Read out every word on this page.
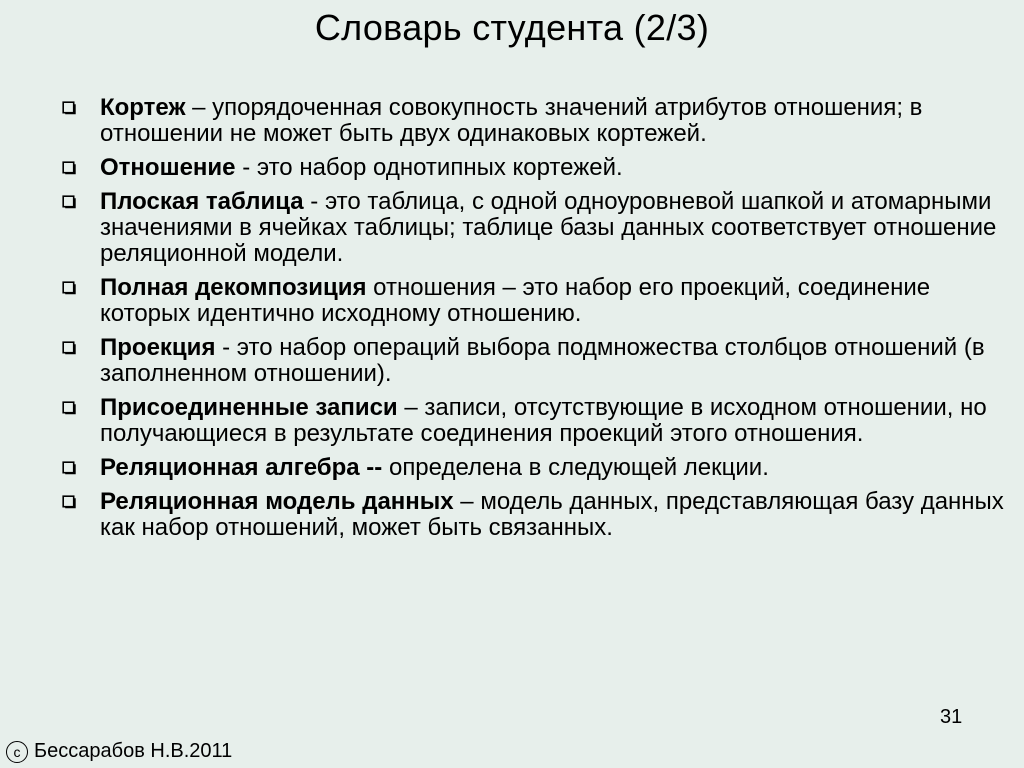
Словарь студента (2/3)
Кортеж – упорядоченная совокупность значений атрибутов отношения; в отношении не может быть двух одинаковых кортежей.
Отношение - это набор однотипных кортежей.
Плоская таблица - это таблица, с одной одноуровневой шапкой и атомарными значениями в ячейках таблицы; таблице базы данных соответствует отношение реляционной модели.
Полная декомпозиция отношения – это набор его проекций, соединение которых идентично исходному отношению.
Проекция - это набор операций выбора подмножества столбцов отношений (в заполненном отношении).
Присоединенные записи – записи, отсутствующие в исходном отношении, но получающиеся в результате соединения проекций этого отношения.
Реляционная алгебра -- определена в следующей лекции.
Реляционная модель данных – модель данных, представляющая базу данных как набор отношений, может быть связанных.
31
c Бессарабов Н.В.2011
